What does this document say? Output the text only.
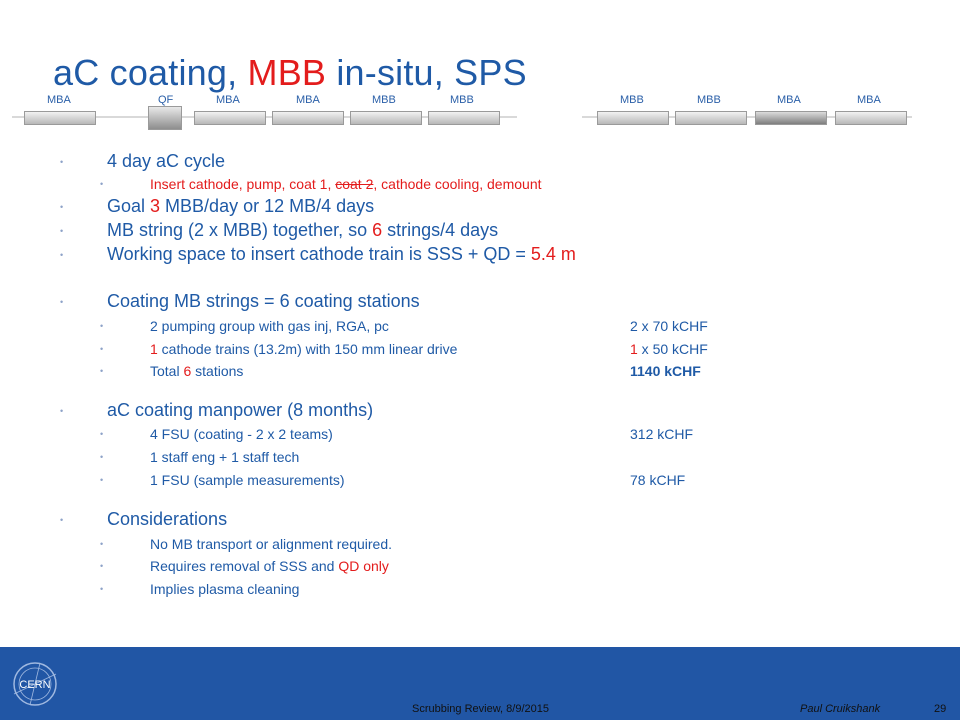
aC coating, MBB in-situ, SPS
MBA	QF	MBA	MBA	MBB	MBB	MBB	MBB	MBA	MBA
• 4 day aC cycle
•	Insert cathode, pump, coat 1, coat 2, cathode cooling, demount
• Goal 3 MBB/day or 12 MB/4 days
• MB string (2 x MBB) together, so 6 strings/4 days
• Working space to insert cathode train is SSS + QD = 5.4 m
• Coating MB strings = 6 coating stations
•	2 pumping group with gas inj, RGA, pc	2 x 70 kCHF
•	1 cathode trains (13.2m) with 150 mm linear drive	1 x 50 kCHF
•	Total 6 stations	1140 kCHF
• aC coating manpower (8 months)
•	4 FSU (coating - 2 x 2 teams)	312 kCHF
•	1 staff eng + 1 staff tech
•	1 FSU (sample measurements)	78 kCHF
• Considerations
•	No MB transport or alignment required.
•	Requires removal of SSS and QD only
•	Implies plasma cleaning
CERN
Scrubbing Review, 8/9/2015	Paul Cruikshank	29
